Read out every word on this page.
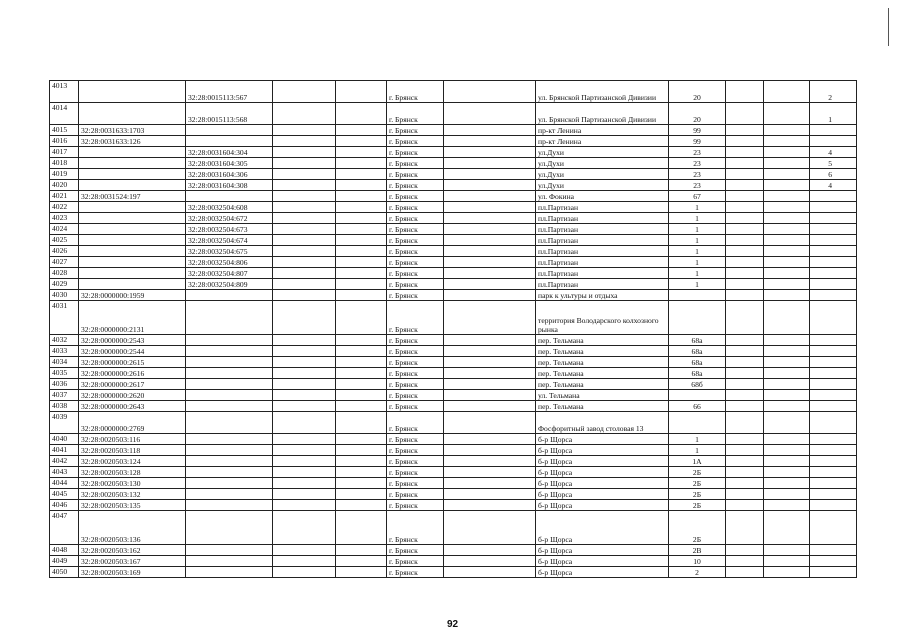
4013		32:28:0015113:567			г. Брянск		ул. Брянской Партизанской Дивизии	20			2
4014		32:28:0015113:568			г. Брянск		ул. Брянской Партизанской Дивизии	20			1
4015	32:28:0031633:1703				г. Брянск		пр-кт Ленина	99			
4016	32:28:0031633:126				г. Брянск		пр-кт Ленина	99			
4017		32:28:0031604:304			г. Брянск		ул.Духи	23			4
4018		32:28:0031604:305			г. Брянск		ул.Духи	23			5
4019		32:28:0031604:306			г. Брянск		ул.Духи	23			6
4020		32:28:0031604:308			г. Брянск		ул.Духи	23			4
4021	32:28:0031524:197				г. Брянск		ул. Фокина	67			
4022		32:28:0032504:608			г. Брянск		пл.Партизан	1			
4023		32:28:0032504:672			г. Брянск		пл.Партизан	1			
4024		32:28:0032504:673			г. Брянск		пл.Партизан	1			
4025		32:28:0032504:674			г. Брянск		пл.Партизан	1			
4026		32:28:0032504:675			г. Брянск		пл.Партизан	1			
4027		32:28:0032504:806			г. Брянск		пл.Партизан	1			
4028		32:28:0032504:807			г. Брянск		пл.Партизан	1			
4029		32:28:0032504:809			г. Брянск		пл.Партизан	1			
4030	32:28:0000000:1959				г. Брянск		парк к ультуры и отдыха				
4031	32:28:0000000:2131				г. Брянск		территория Володарского колхозного рынка				
4032	32:28:0000000:2543				г. Брянск		пер. Тельмана	68а			
4033	32:28:0000000:2544				г. Брянск		пер. Тельмана	68а			
4034	32:28:0000000:2615				г. Брянск		пер. Тельмана	68а			
4035	32:28:0000000:2616				г. Брянск		пер. Тельмана	68а			
4036	32:28:0000000:2617				г. Брянск		пер. Тельмана	68б			
4037	32:28:0000000:2620				г. Брянск		ул. Тельмана				
4038	32:28:0000000:2643				г. Брянск		пер. Тельмана	66			
4039	32:28:0000000:2769				г. Брянск		Фосфоритный завод столовая 13				
4040	32:28:0020503:116				г. Брянск		б-р Щорса	1			
4041	32:28:0020503:118				г. Брянск		б-р Щорса	1			
4042	32:28:0020503:124				г. Брянск		б-р Щорса	1А			
4043	32:28:0020503:128				г. Брянск		б-р Щорса	2Б			
4044	32:28:0020503:130				г. Брянск		б-р Щорса	2Б			
4045	32:28:0020503:132				г. Брянск		б-р Щорса	2Б			
4046	32:28:0020503:135				г. Брянск		б-р Щорса	2Б			
4047	32:28:0020503:136				г. Брянск		б-р Щорса	2Б			
4048	32:28:0020503:162				г. Брянск		б-р Щорса	2В			
4049	32:28:0020503:167				г. Брянск		б-р Щорса	10			
4050	32:28:0020503:169				г. Брянск		б-р Щорса	2			
92
